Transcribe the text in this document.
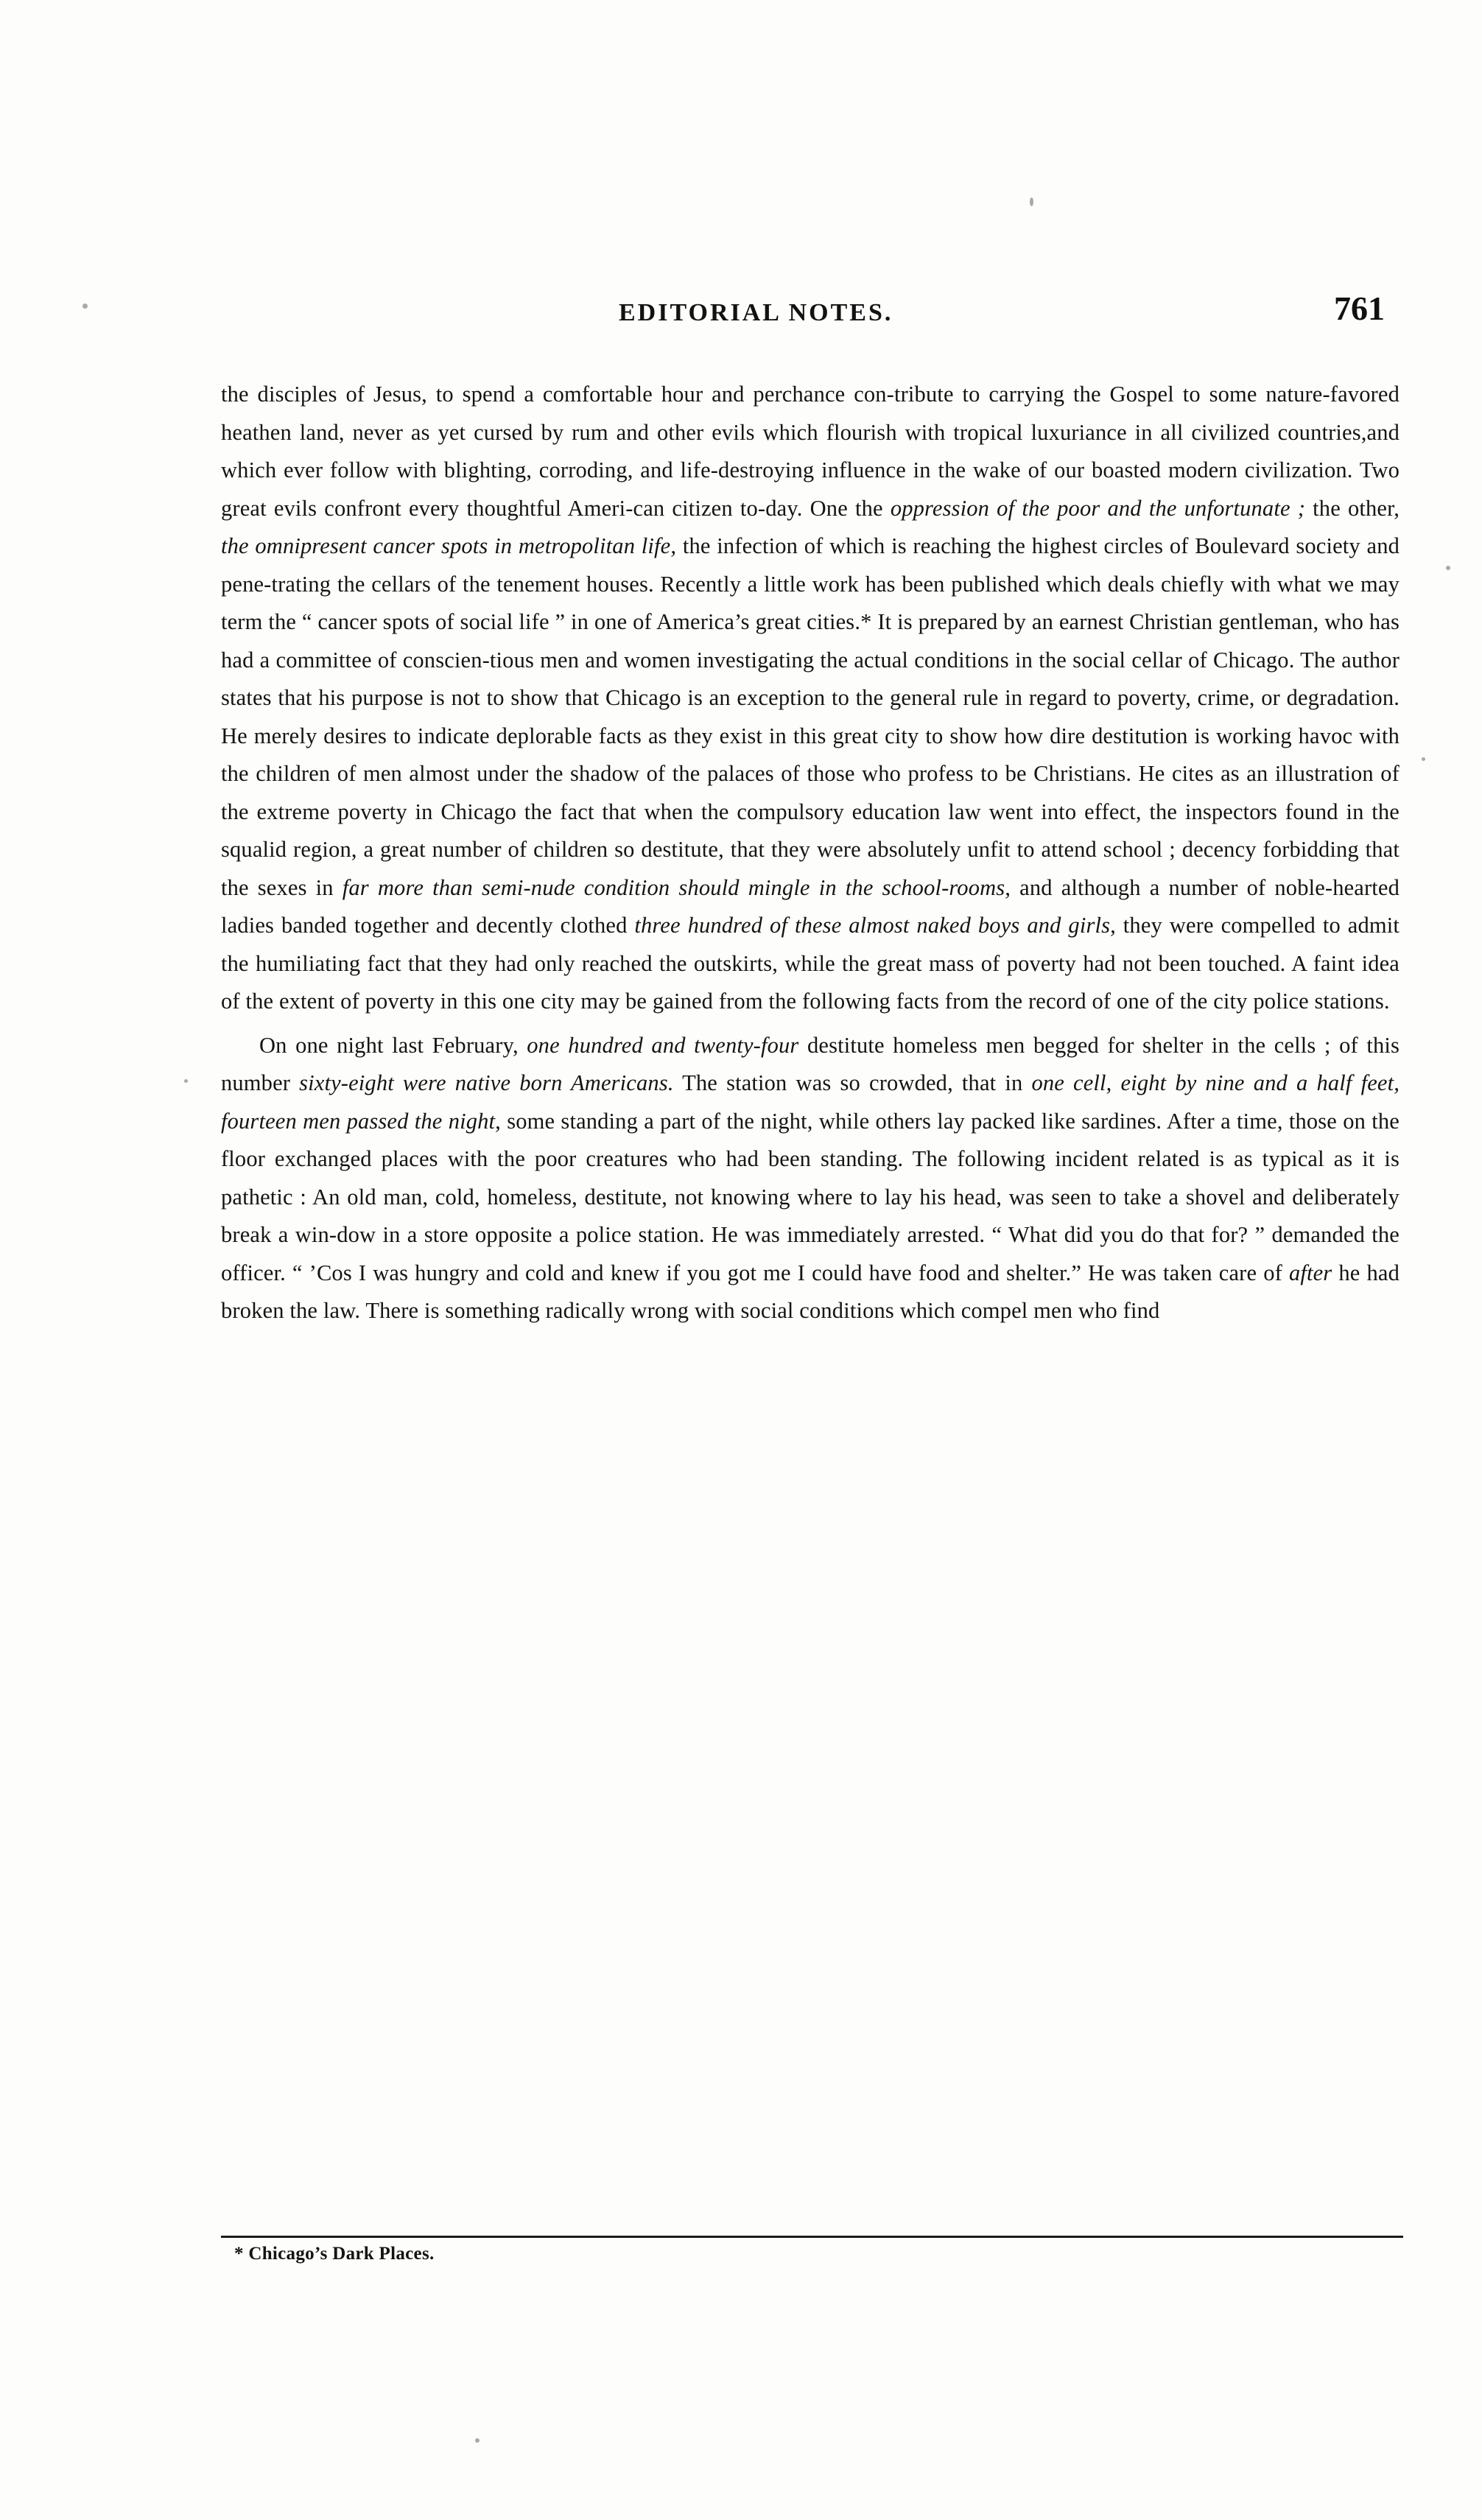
EDITORIAL NOTES.	761

the disciples of Jesus, to spend a comfortable hour and perchance con-tribute to carrying the Gospel to some nature-favored heathen land, never as yet cursed by rum and other evils which flourish with tropical luxuriance in all civilized countries,and which ever follow with blighting, corroding, and life-destroying influence in the wake of our boasted modern civilization. Two great evils confront every thoughtful Ameri-can citizen to-day. One the oppression of the poor and the unfortunate ; the other, the omnipresent cancer spots in metropolitan life, the infection of which is reaching the highest circles of Boulevard society and pene-trating the cellars of the tenement houses. Recently a little work has been published which deals chiefly with what we may term the “ cancer spots of social life ” in one of America’s great cities.* It is prepared by an earnest Christian gentleman, who has had a committee of conscien-tious men and women investigating the actual conditions in the social cellar of Chicago. The author states that his purpose is not to show that Chicago is an exception to the general rule in regard to poverty, crime, or degradation. He merely desires to indicate deplorable facts as they exist in this great city to show how dire destitution is working havoc with the children of men almost under the shadow of the palaces of those who profess to be Christians. He cites as an illustration of the extreme poverty in Chicago the fact that when the compulsory education law went into effect, the inspectors found in the squalid region, a great number of children so destitute, that they were absolutely unfit to attend school ; decency forbidding that the sexes in far more than semi-nude condition should mingle in the school-rooms, and although a number of noble-hearted ladies banded together and decently clothed three hundred of these almost naked boys and girls, they were compelled to admit the humiliating fact that they had only reached the outskirts, while the great mass of poverty had not been touched. A faint idea of the extent of poverty in this one city may be gained from the following facts from the record of one of the city police stations.

On one night last February, one hundred and twenty-four destitute homeless men begged for shelter in the cells ; of this number sixty-eight were native born Americans. The station was so crowded, that in one cell, eight by nine and a half feet, fourteen men passed the night, some standing a part of the night, while others lay packed like sardines. After a time, those on the floor exchanged places with the poor creatures who had been standing. The following incident related is as typical as it is pathetic : An old man, cold, homeless, destitute, not knowing where to lay his head, was seen to take a shovel and deliberately break a win-dow in a store opposite a police station. He was immediately arrested. “ What did you do that for? ” demanded the officer. “ ’Cos I was hungry and cold and knew if you got me I could have food and shelter.” He was taken care of after he had broken the law. There is something radically wrong with social conditions which compel men who find

* Chicago’s Dark Places.
